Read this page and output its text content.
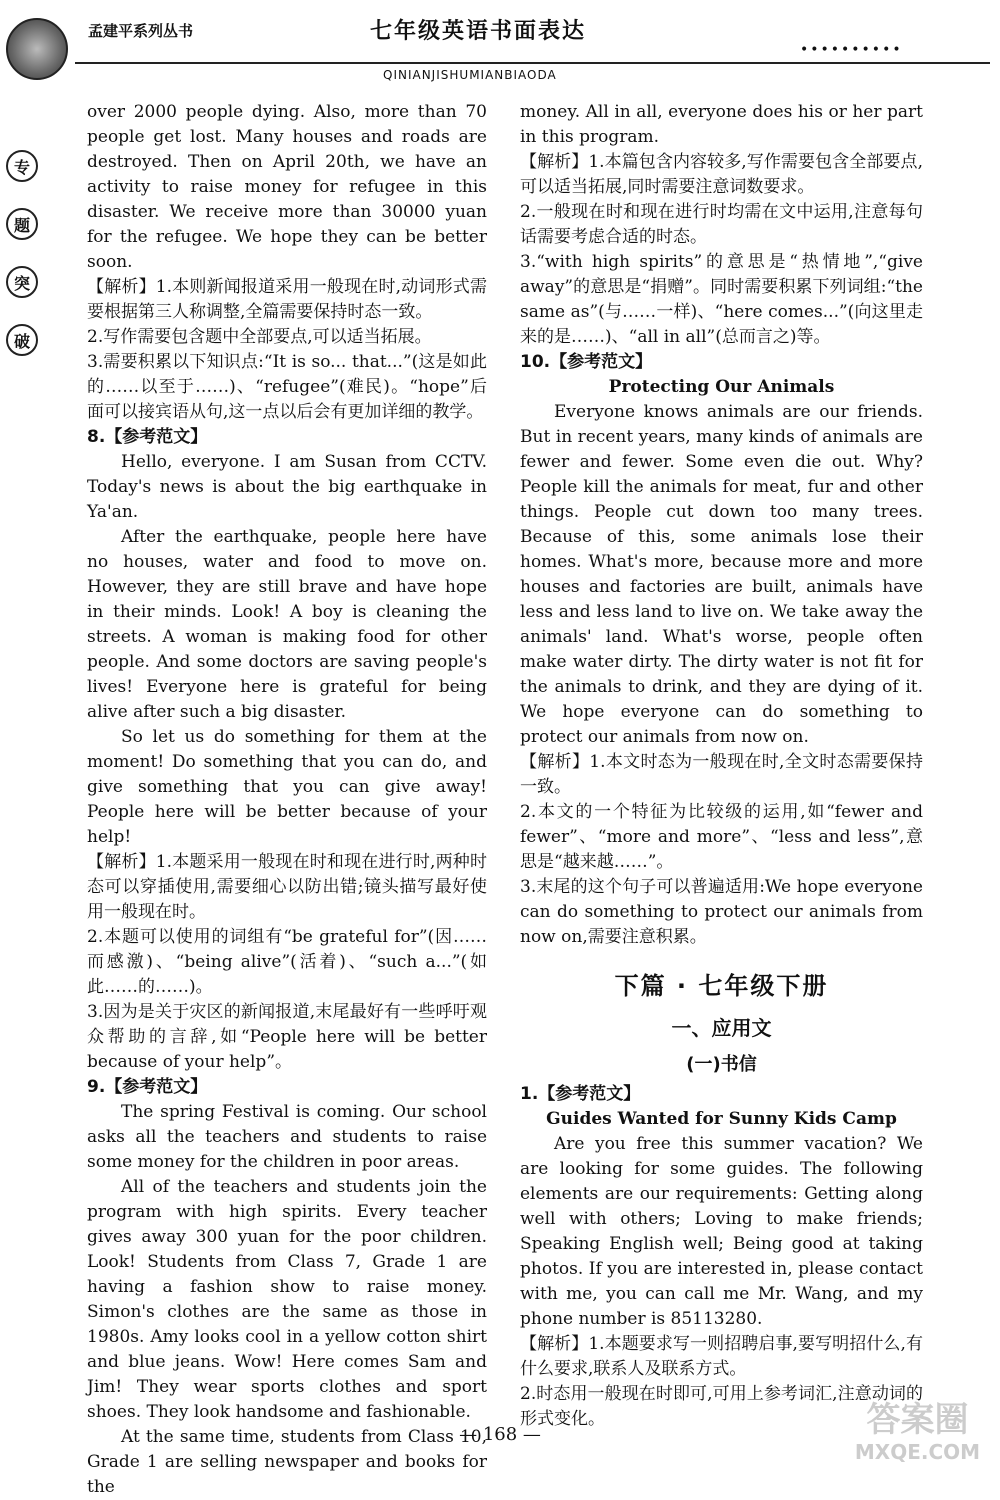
孟建平系列丛书	七年级英语书面表达
••••••••••
QINIANJISHUMIANBIAODA
专
题
突
破

over 2000 people dying. Also, more than 70 people get lost. Many houses and roads are destroyed. Then on April 20th, we have an activity to raise money for refugee in this disaster. We receive more than 30000 yuan for the refugee. We hope they can be better soon.

【解析】1.本则新闻报道采用一般现在时,动词形式需要根据第三人称调整,全篇需要保持时态一致。

2.写作需要包含题中全部要点,可以适当拓展。

3.需要积累以下知识点:“It is so... that...”(这是如此的……以至于……)、“refugee”(难民)。“hope”后面可以接宾语从句,这一点以后会有更加详细的教学。

8.【参考范文】

Hello, everyone. I am Susan from CCTV. Today's news is about the big earthquake in Ya'an.

After the earthquake, people here have no houses, water and food to move on. However, they are still brave and have hope in their minds. Look! A boy is cleaning the streets. A woman is making food for other people. And some doctors are saving people's lives! Everyone here is grateful for being alive after such a big disaster.

So let us do something for them at the moment! Do something that you can do, and give something that you can give away! People here will be better because of your help!

【解析】1.本题采用一般现在时和现在进行时,两种时态可以穿插使用,需要细心以防出错;镜头描写最好使用一般现在时。

2.本题可以使用的词组有“be grateful for”(因……而感激)、“being alive”(活着)、“such a...”(如此……的……)。

3.因为是关于灾区的新闻报道,末尾最好有一些呼吁观众帮助的言辞,如“People here will be better because of your help”。

9.【参考范文】

The spring Festival is coming. Our school asks all the teachers and students to raise some money for the children in poor areas.

All of the teachers and students join the program with high spirits. Every teacher gives away 300 yuan for the poor children. Look! Students from Class 7, Grade 1 are having a fashion show to raise money. Simon's clothes are the same as those in 1980s. Amy looks cool in a yellow cotton shirt and blue jeans. Wow! Here comes Sam and Jim! They wear sports clothes and sport shoes. They look handsome and fashionable.

At the same time, students from Class 10, Grade 1 are selling newspaper and books for the

money. All in all, everyone does his or her part in this program.

【解析】1.本篇包含内容较多,写作需要包含全部要点,可以适当拓展,同时需要注意词数要求。

2.一般现在时和现在进行时均需在文中运用,注意每句话需要考虑合适的时态。

3.“with high spirits”的意思是“热情地”,“give away”的意思是“捐赠”。同时需要积累下列词组:“the same as”(与……一样)、“here comes...”(向这里走来的是……)、“all in all”(总而言之)等。

10.【参考范文】

Protecting Our Animals

Everyone knows animals are our friends. But in recent years, many kinds of animals are fewer and fewer. Some even die out. Why? People kill the animals for meat, fur and other things. People cut down too many trees. Because of this, some animals lose their homes. What's more, because more and more houses and factories are built, animals have less and less land to live on. We take away the animals' land. What's worse, people often make water dirty. The dirty water is not fit for the animals to drink, and they are dying of it. We hope everyone can do something to protect our animals from now on.

【解析】1.本文时态为一般现在时,全文时态需要保持一致。

2.本文的一个特征为比较级的运用,如“fewer and fewer”、“more and more”、“less and less”,意思是“越来越……”。

3.末尾的这个句子可以普遍适用:We hope everyone can do something to protect our animals from now on,需要注意积累。

下篇 · 七年级下册

一、应用文

(一)书信

1.【参考范文】

Guides Wanted for Sunny Kids Camp

Are you free this summer vacation? We are looking for some guides. The following elements are our requirements: Getting along well with others; Loving to make friends; Speaking English well; Being good at taking photos. If you are interested in, please contact with me, you can call me Mr. Wang, and my phone number is 85113280.

【解析】1.本题要求写一则招聘启事,要写明招什么,有什么要求,联系人及联系方式。

2.时态用一般现在时即可,可用上参考词汇,注意动词的形式变化。

— 168 —	答案圈
MXQE.COM
